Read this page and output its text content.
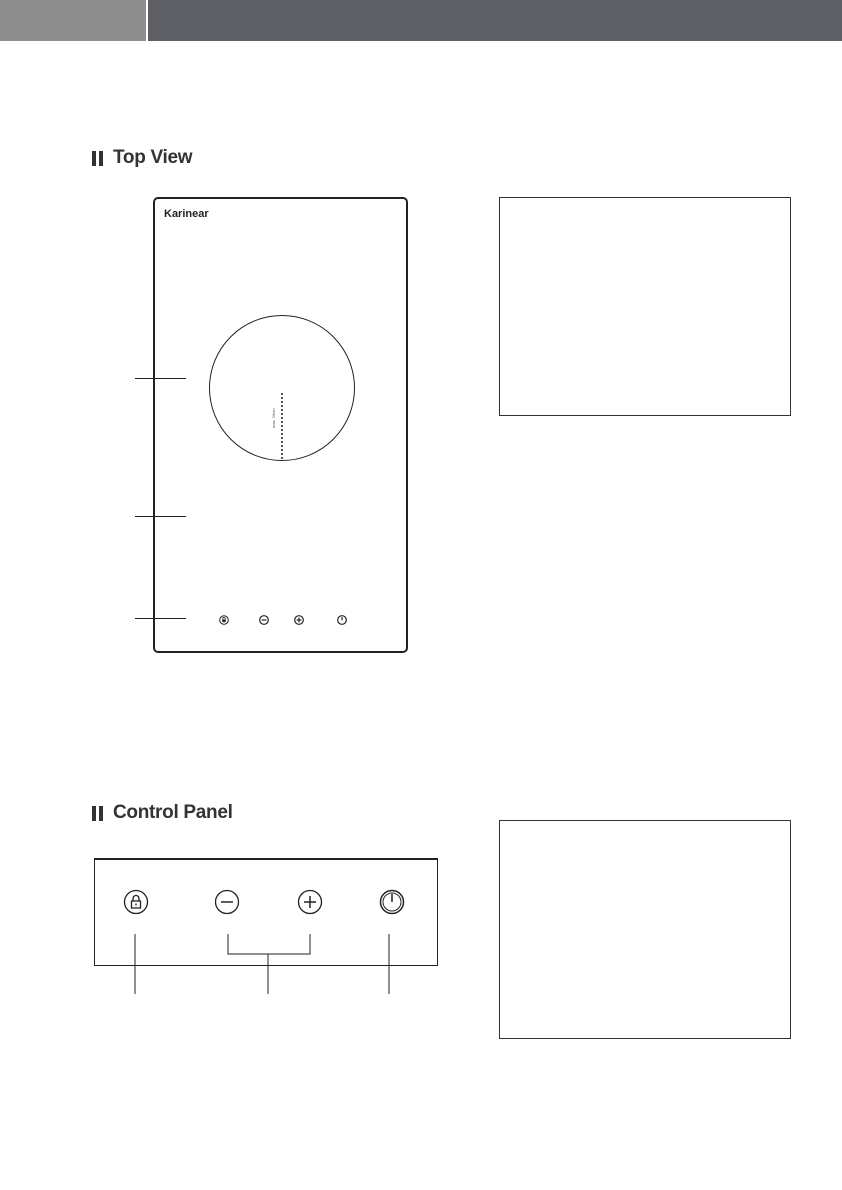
Top View
Karinear
max. 20cm
Control Panel
